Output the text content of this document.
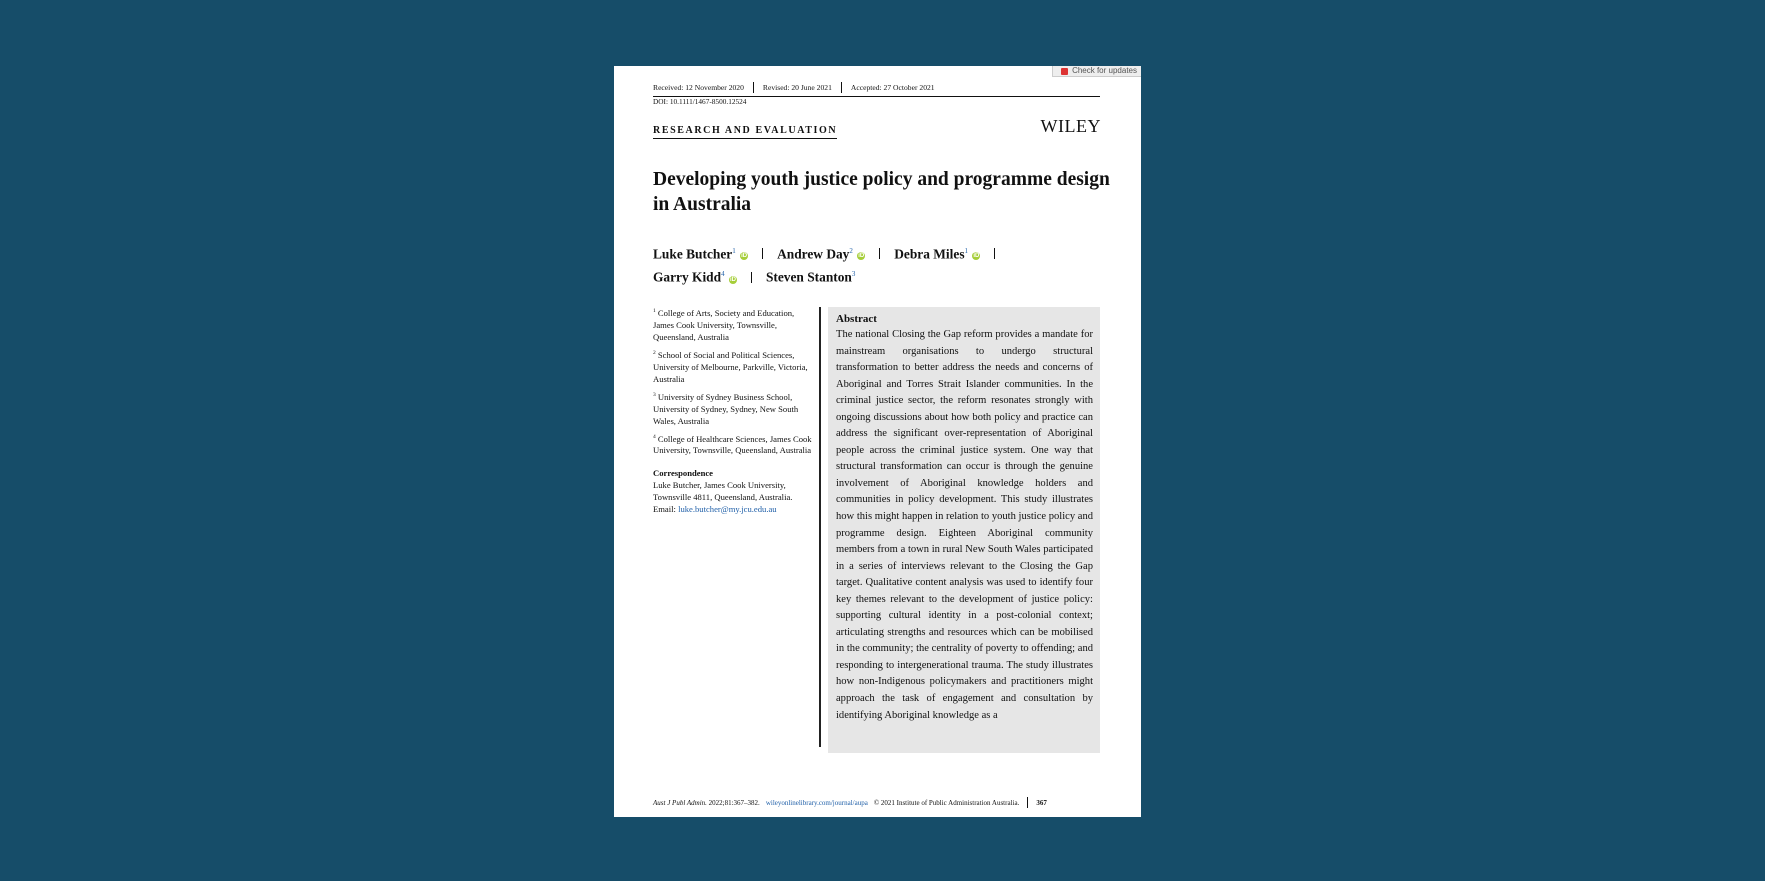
Check for updates
Received: 12 November 2020	Revised: 20 June 2021	Accepted: 27 October 2021
DOI: 10.1111/1467-8500.12524
RESEARCH AND EVALUATION	WILEY
Developing youth justice policy and programme design in Australia
Luke Butcher$^1$ iD Andrew Day$^2$ iD Debra Miles$^1$ iD
Garry Kidd$^4$ iD Steven Stanton$^3$
$^1$ College of Arts, Society and Education, James Cook University, Townsville, Queensland, Australia
$^2$ School of Social and Political Sciences, University of Melbourne, Parkville, Victoria, Australia
$^3$ University of Sydney Business School, University of Sydney, Sydney, New South Wales, Australia
$^4$ College of Healthcare Sciences, James Cook University, Townsville, Queensland, Australia
Correspondence
Luke Butcher, James Cook University, Townsville 4811, Queensland, Australia.
Email: luke.butcher@my.jcu.edu.au
Abstract

The national Closing the Gap reform provides a mandate for mainstream organisations to undergo structural transformation to better address the needs and concerns of Aboriginal and Torres Strait Islander communities. In the criminal justice sector, the reform resonates strongly with ongoing discussions about how both policy and practice can address the significant over-representation of Aboriginal people across the criminal justice system. One way that structural transformation can occur is through the genuine involvement of Aboriginal knowledge holders and communities in policy development. This study illustrates how this might happen in relation to youth justice policy and programme design. Eighteen Aboriginal community members from a town in rural New South Wales participated in a series of interviews relevant to the Closing the Gap target. Qualitative content analysis was used to identify four key themes relevant to the development of justice policy: supporting cultural identity in a post-colonial context; articulating strengths and resources which can be mobilised in the community; the centrality of poverty to offending; and responding to intergenerational trauma. The study illustrates how non-Indigenous policymakers and practitioners might approach the task of engagement and consultation by identifying Aboriginal knowledge as a

Aust J Publ Admin.
2022;81:367–382. wileyonlinelibrary.com/journal/aupa © 2021 Institute of Public Administration Australia. 367
